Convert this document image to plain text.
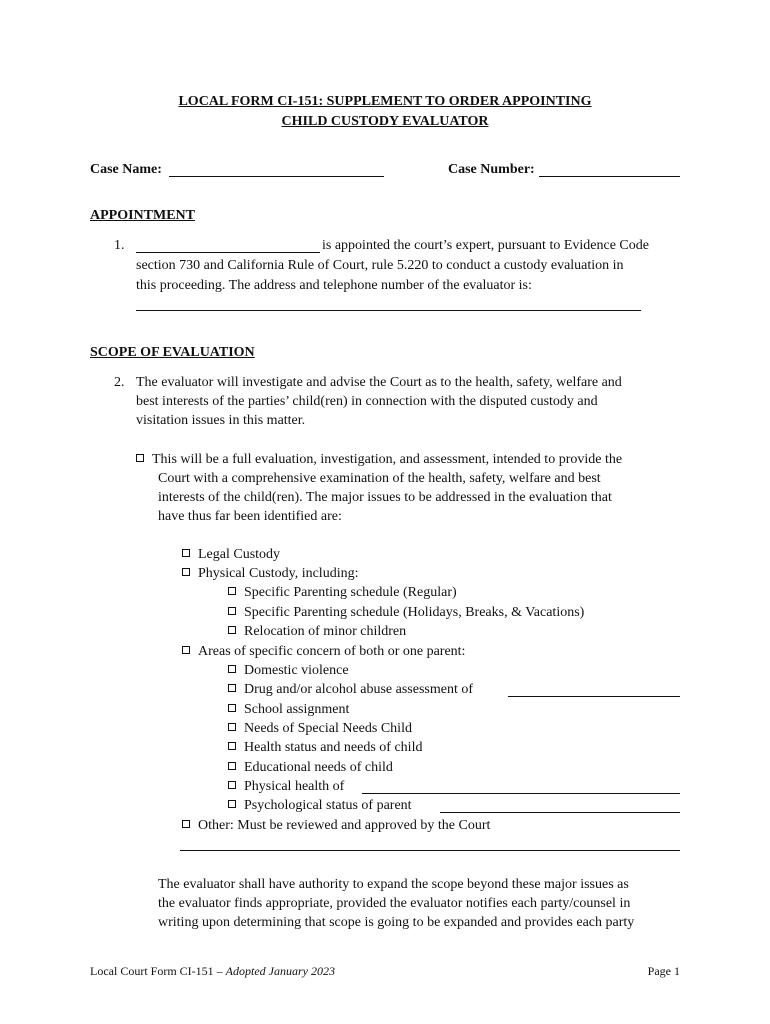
LOCAL FORM CI-151: SUPPLEMENT TO ORDER APPOINTING
CHILD CUSTODY EVALUATOR
Case Name:	Case Number:
APPOINTMENT
1.	is appointed the court’s expert, pursuant to Evidence Code
section 730 and California Rule of Court, rule 5.220 to conduct a custody evaluation in
this proceeding. The address and telephone number of the evaluator is:
SCOPE OF EVALUATION
2. The evaluator will investigate and advise the Court as to the health, safety, welfare and
best interests of the parties’ child(ren) in connection with the disputed custody and
visitation issues in this matter.
This will be a full evaluation, investigation, and assessment, intended to provide the
Court with a comprehensive examination of the health, safety, welfare and best
interests of the child(ren). The major issues to be addressed in the evaluation that
have thus far been identified are:
Legal Custody
Physical Custody, including:
Specific Parenting schedule (Regular)
Specific Parenting schedule (Holidays, Breaks, & Vacations)
Relocation of minor children
Areas of specific concern of both or one parent:
Domestic violence
Drug and/or alcohol abuse assessment of
School assignment
Needs of Special Needs Child
Health status and needs of child
Educational needs of child
Physical health of
Psychological status of parent
Other: Must be reviewed and approved by the Court
The evaluator shall have authority to expand the scope beyond these major issues as
the evaluator finds appropriate, provided the evaluator notifies each party/counsel in
writing upon determining that scope is going to be expanded and provides each party
Local Court Form CI-151 – Adopted January 2023	Page 1
